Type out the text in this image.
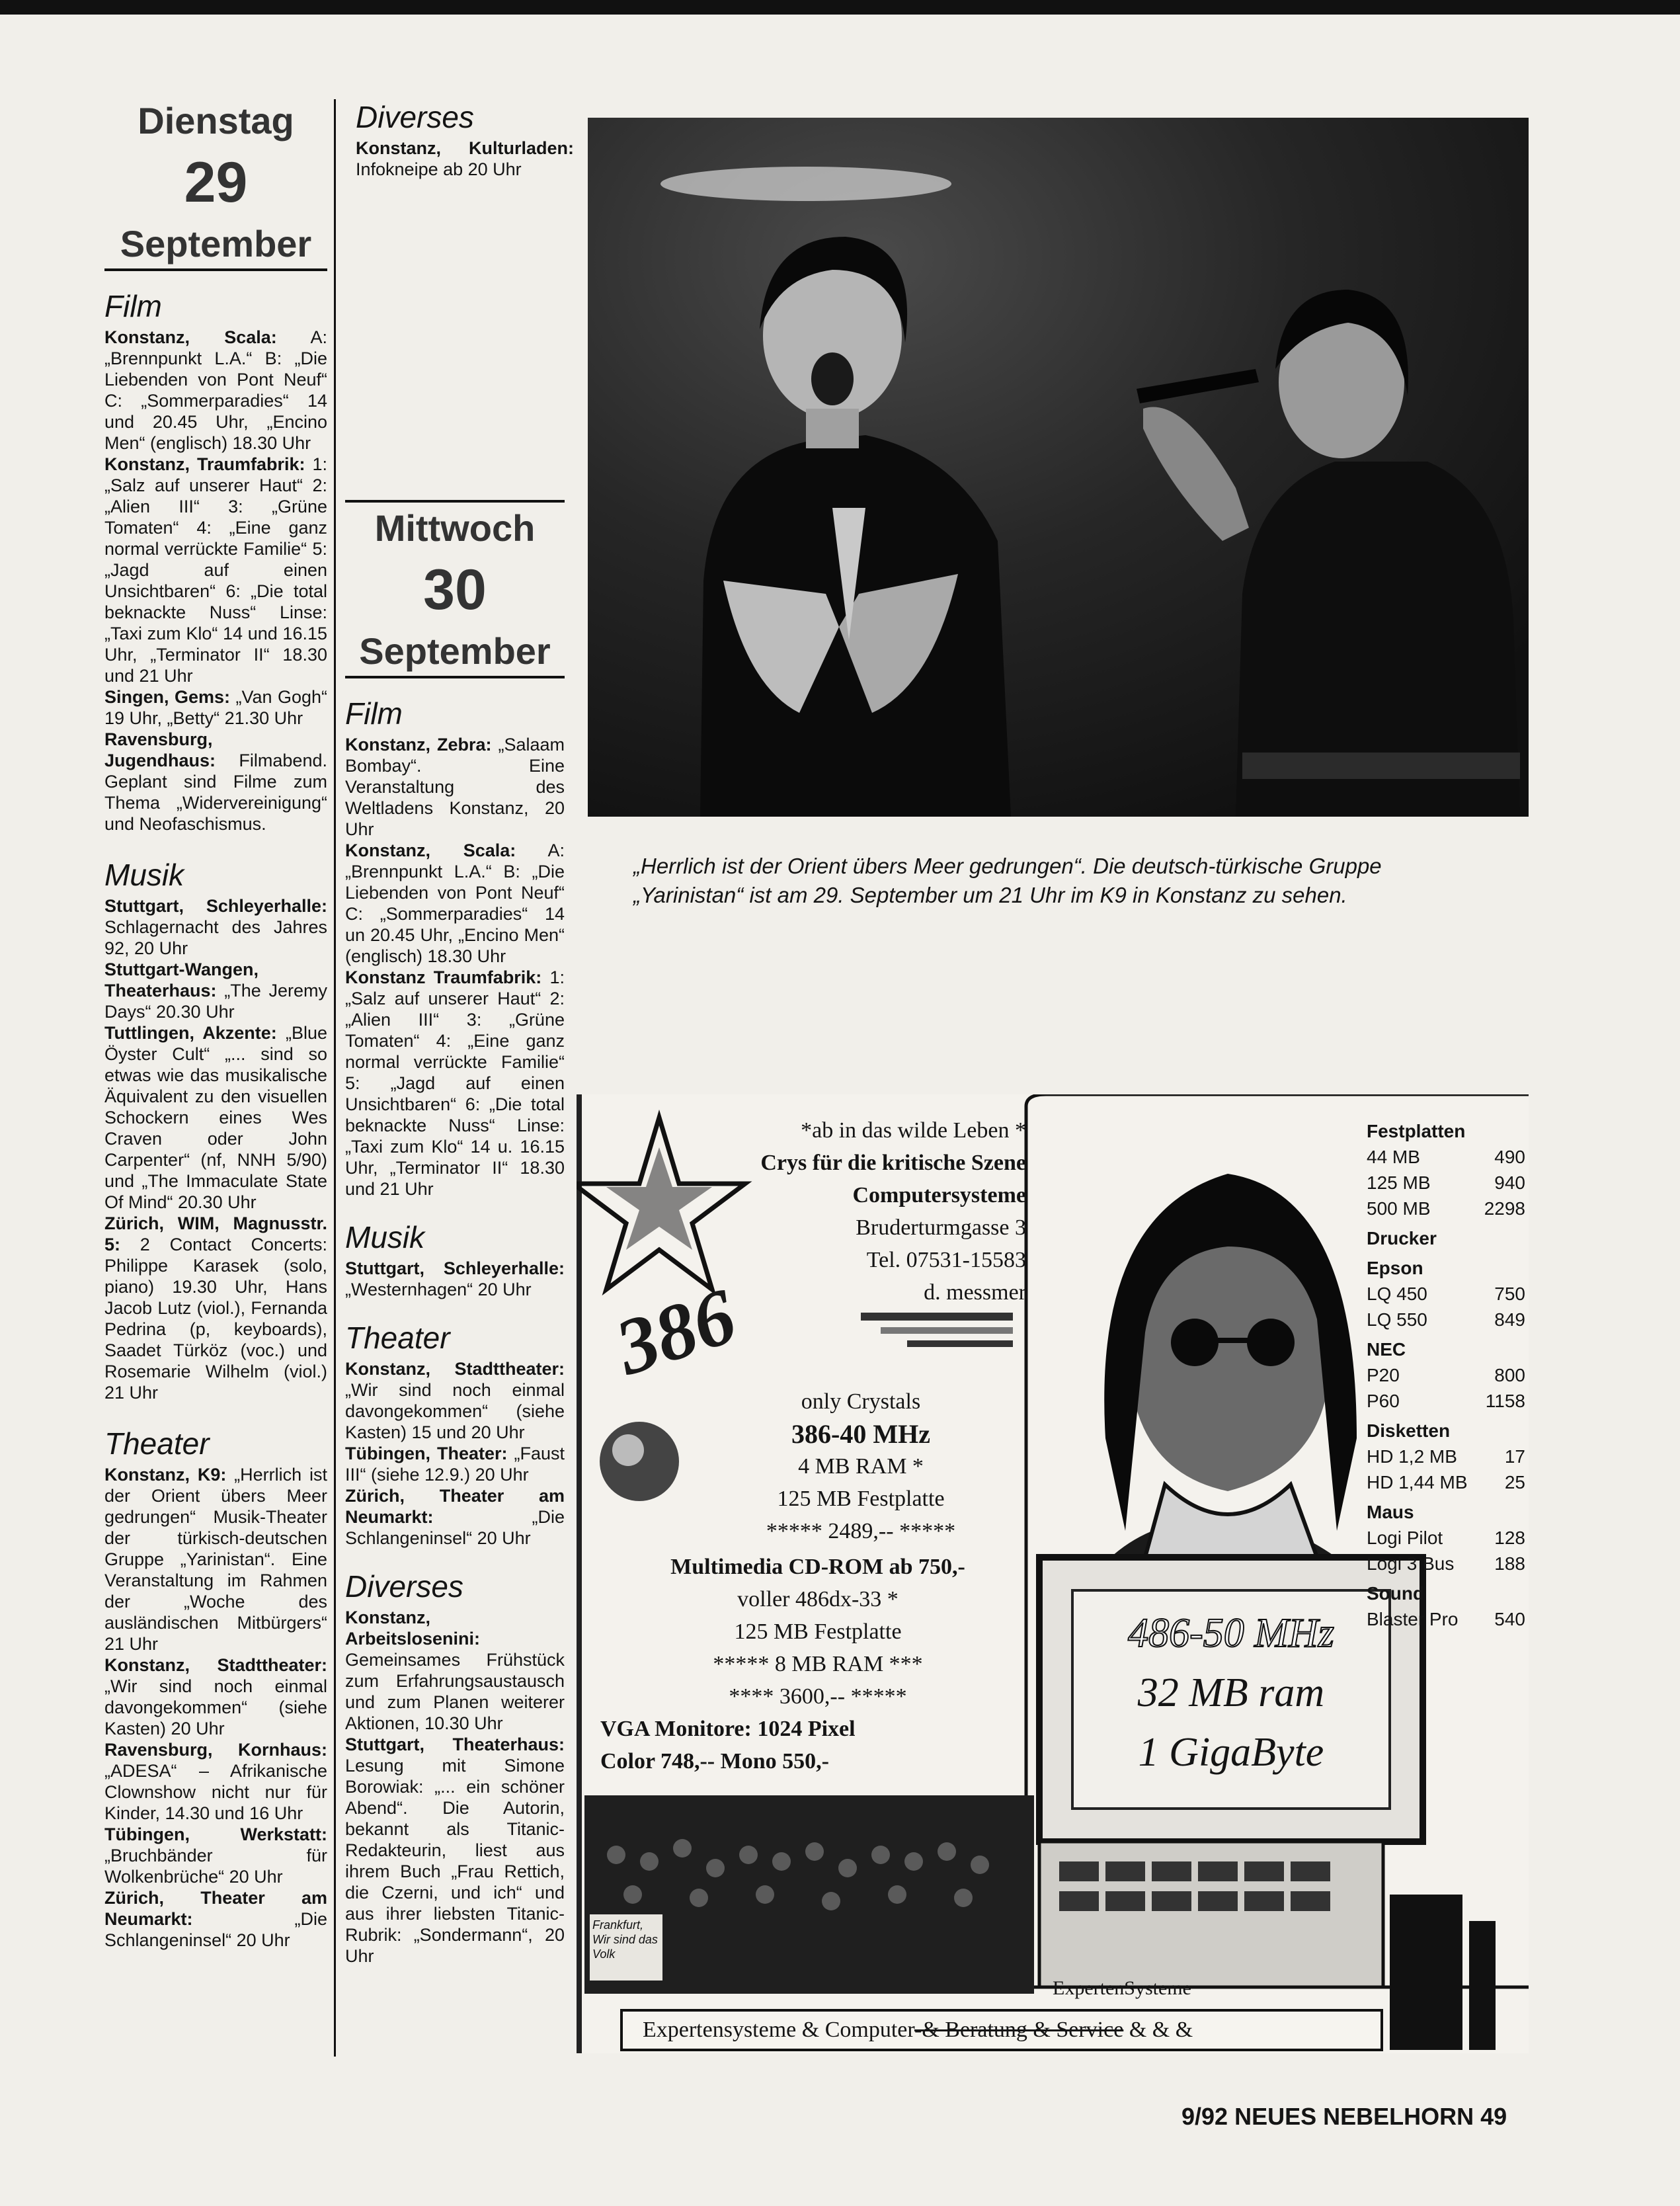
Dienstag
29
September
Film

Konstanz, Scala: A: „Brennpunkt L.A.“ B: „Die Liebenden von Pont Neuf“ C: „Sommerparadies“ 14 und 20.45 Uhr, „Encino Men“ (englisch) 18.30 Uhr

Konstanz, Traumfabrik: 1: „Salz auf unserer Haut“ 2: „Alien III“ 3: „Grüne Tomaten“ 4: „Eine ganz normal verrückte Familie“ 5: „Jagd auf einen Unsichtbaren“ 6: „Die total beknackte Nuss“ Linse: „Taxi zum Klo“ 14 und 16.15 Uhr, „Terminator II“ 18.30 und 21 Uhr

Singen, Gems: „Van Gogh“ 19 Uhr, „Betty“ 21.30 Uhr

Ravensburg, Jugendhaus: Filmabend. Geplant sind Filme zum Thema „Widervereinigung“ und Neofaschismus.

Musik

Stuttgart, Schleyerhalle: Schlagernacht des Jahres 92, 20 Uhr

Stuttgart-Wangen, Theaterhaus: „The Jeremy Days“ 20.30 Uhr

Tuttlingen, Akzente: „Blue Öyster Cult“ „... sind so etwas wie das musikalische Äquivalent zu den visuellen Schockern eines Wes Craven oder John Carpenter“ (nf, NNH 5/90) und „The Immaculate State Of Mind“ 20.30 Uhr

Zürich, WIM, Magnusstr. 5: 2 Contact Concerts: Philippe Karasek (solo, piano) 19.30 Uhr, Hans Jacob Lutz (viol.), Fernanda Pedrina (p, keyboards), Saadet Türköz (voc.) und Rosemarie Wilhelm (viol.) 21 Uhr

Theater

Konstanz, K9: „Herrlich ist der Orient übers Meer gedrungen“ Musik-Theater der türkisch-deutschen Gruppe „Yarinistan“. Eine Veranstaltung im Rahmen der „Woche des ausländischen Mitbürgers“ 21 Uhr

Konstanz, Stadttheater: „Wir sind noch einmal davongekommen“ (siehe Kasten) 20 Uhr

Ravensburg, Kornhaus: „ADESA“ – Afrikanische Clownshow nicht nur für Kinder, 14.30 und 16 Uhr

Tübingen, Werkstatt: „Bruchbänder für Wolkenbrüche“ 20 Uhr

Zürich, Theater am Neumarkt: „Die Schlangeninsel“ 20 Uhr

Diverses

Konstanz, Kulturladen: Infokneipe ab 20 Uhr

Mittwoch
30
September
Film

Konstanz, Zebra: „Salaam Bombay“. Eine Veranstaltung des Weltladens Konstanz, 20 Uhr

Konstanz, Scala: A: „Brennpunkt L.A.“ B: „Die Liebenden von Pont Neuf“ C: „Sommerparadies“ 14 un 20.45 Uhr, „Encino Men“ (englisch) 18.30 Uhr

Konstanz Traumfabrik: 1: „Salz auf unserer Haut“ 2: „Alien III“ 3: „Grüne Tomaten“ 4: „Eine ganz normal verrückte Familie“ 5: „Jagd auf einen Unsichtbaren“ 6: „Die total beknackte Nuss“ Linse: „Taxi zum Klo“ 14 u. 16.15 Uhr, „Terminator II“ 18.30 und 21 Uhr

Musik

Stuttgart, Schleyerhalle: „Westernhagen“ 20 Uhr

Theater

Konstanz, Stadttheater: „Wir sind noch einmal davongekommen“ (siehe Kasten) 15 und 20 Uhr

Tübingen, Theater: „Faust III“ (siehe 12.9.) 20 Uhr

Zürich, Theater am Neumarkt: „Die Schlangeninsel“ 20 Uhr

Diverses

Konstanz, Arbeitslosenini: Gemeinsames Frühstück zum Erfahrungsaustausch und zum Planen weiterer Aktionen, 10.30 Uhr

Stuttgart, Theaterhaus: Lesung mit Simone Borowiak: „... ein schöner Abend“. Die Autorin, bekannt als Titanic-Redakteurin, liest aus ihrem Buch „Frau Rettich, die Czerni, und ich“ und aus ihrer liebsten Titanic-Rubrik: „Sondermann“, 20 Uhr

„Herrlich ist der Orient übers Meer gedrungen“. Die deutsch-türkische Gruppe
„Yarinistan“ ist am 29. September um 21 Uhr im K9 in Konstanz zu sehen.
386
*ab in das wilde Leben *
Crys für die kritische Szene
Computersysteme
Bruderturmgasse 3
Tel. 07531-15583
d. messmer
only Crystals
386-40 MHz
4 MB RAM *
125 MB Festplatte
***** 2489,-- *****
Multimedia CD-ROM ab 750,-
voller 486dx-33 *
125 MB Festplatte
***** 8 MB RAM ***
**** 3600,-- *****
VGA Monitore: 1024 Pixel
Color 748,-- Mono 550,-
486-50 MHz
32 MB ram
1 GigaByte
Frankfurt, Wir sind das Volk
ExpertenSysteme
Festplatten
44 MB	490
125 MB	940
500 MB	2298
Drucker
Epson
LQ 450	750
LQ 550	849
NEC
P20	800
P60	1158
Disketten
HD 1,2 MB	17
HD 1,44 MB 25
Maus
Logi Pilot	128
Logi 3 Bus 188
Sound
Blaster Pro 540
Expertensysteme & Computer-& Beratung & Service & & &
9/92 NEUES NEBELHORN 49
